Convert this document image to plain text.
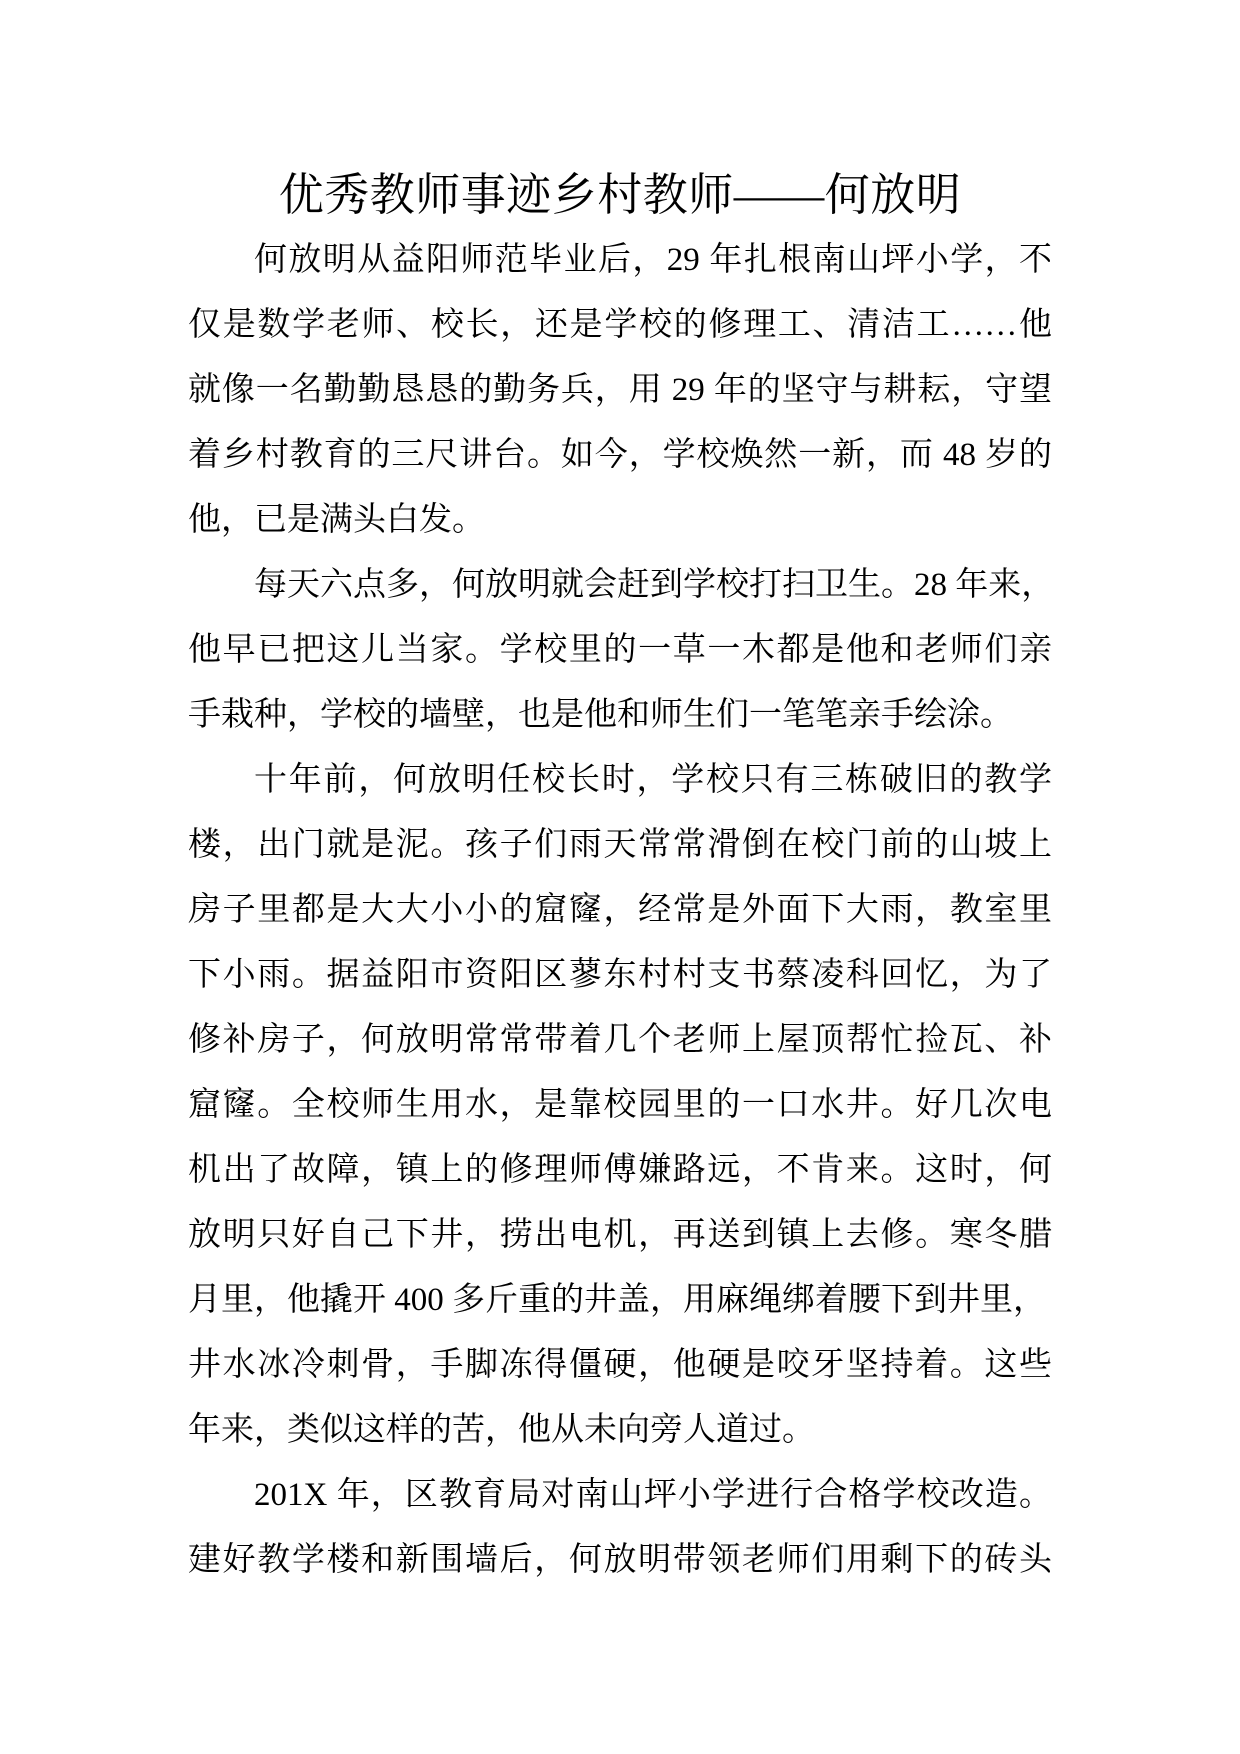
优秀教师事迹乡村教师——何放明
何放明从益阳师范毕业后，29 年扎根南山坪小学，不
仅是数学老师、校长，还是学校的修理工、清洁工……他
就像一名勤勤恳恳的勤务兵，用 29 年的坚守与耕耘，守望
着乡村教育的三尺讲台。如今，学校焕然一新，而 48 岁的
他，已是满头白发。
每天六点多，何放明就会赶到学校打扫卫生。28 年来，
他早已把这儿当家。学校里的一草一木都是他和老师们亲
手栽种，学校的墙壁，也是他和师生们一笔笔亲手绘涂。
十年前，何放明任校长时，学校只有三栋破旧的教学
楼，出门就是泥。孩子们雨天常常滑倒在校门前的山坡上
房子里都是大大小小的窟窿，经常是外面下大雨，教室里
下小雨。据益阳市资阳区蓼东村村支书蔡凌科回忆，为了
修补房子，何放明常常带着几个老师上屋顶帮忙捡瓦、补
窟窿。全校师生用水，是靠校园里的一口水井。好几次电
机出了故障，镇上的修理师傅嫌路远，不肯来。这时，何
放明只好自己下井，捞出电机，再送到镇上去修。寒冬腊
月里，他撬开 400 多斤重的井盖，用麻绳绑着腰下到井里，
井水冰冷刺骨，手脚冻得僵硬，他硬是咬牙坚持着。这些
年来，类似这样的苦，他从未向旁人道过。
201X 年，区教育局对南山坪小学进行合格学校改造。
建好教学楼和新围墙后，何放明带领老师们用剩下的砖头
